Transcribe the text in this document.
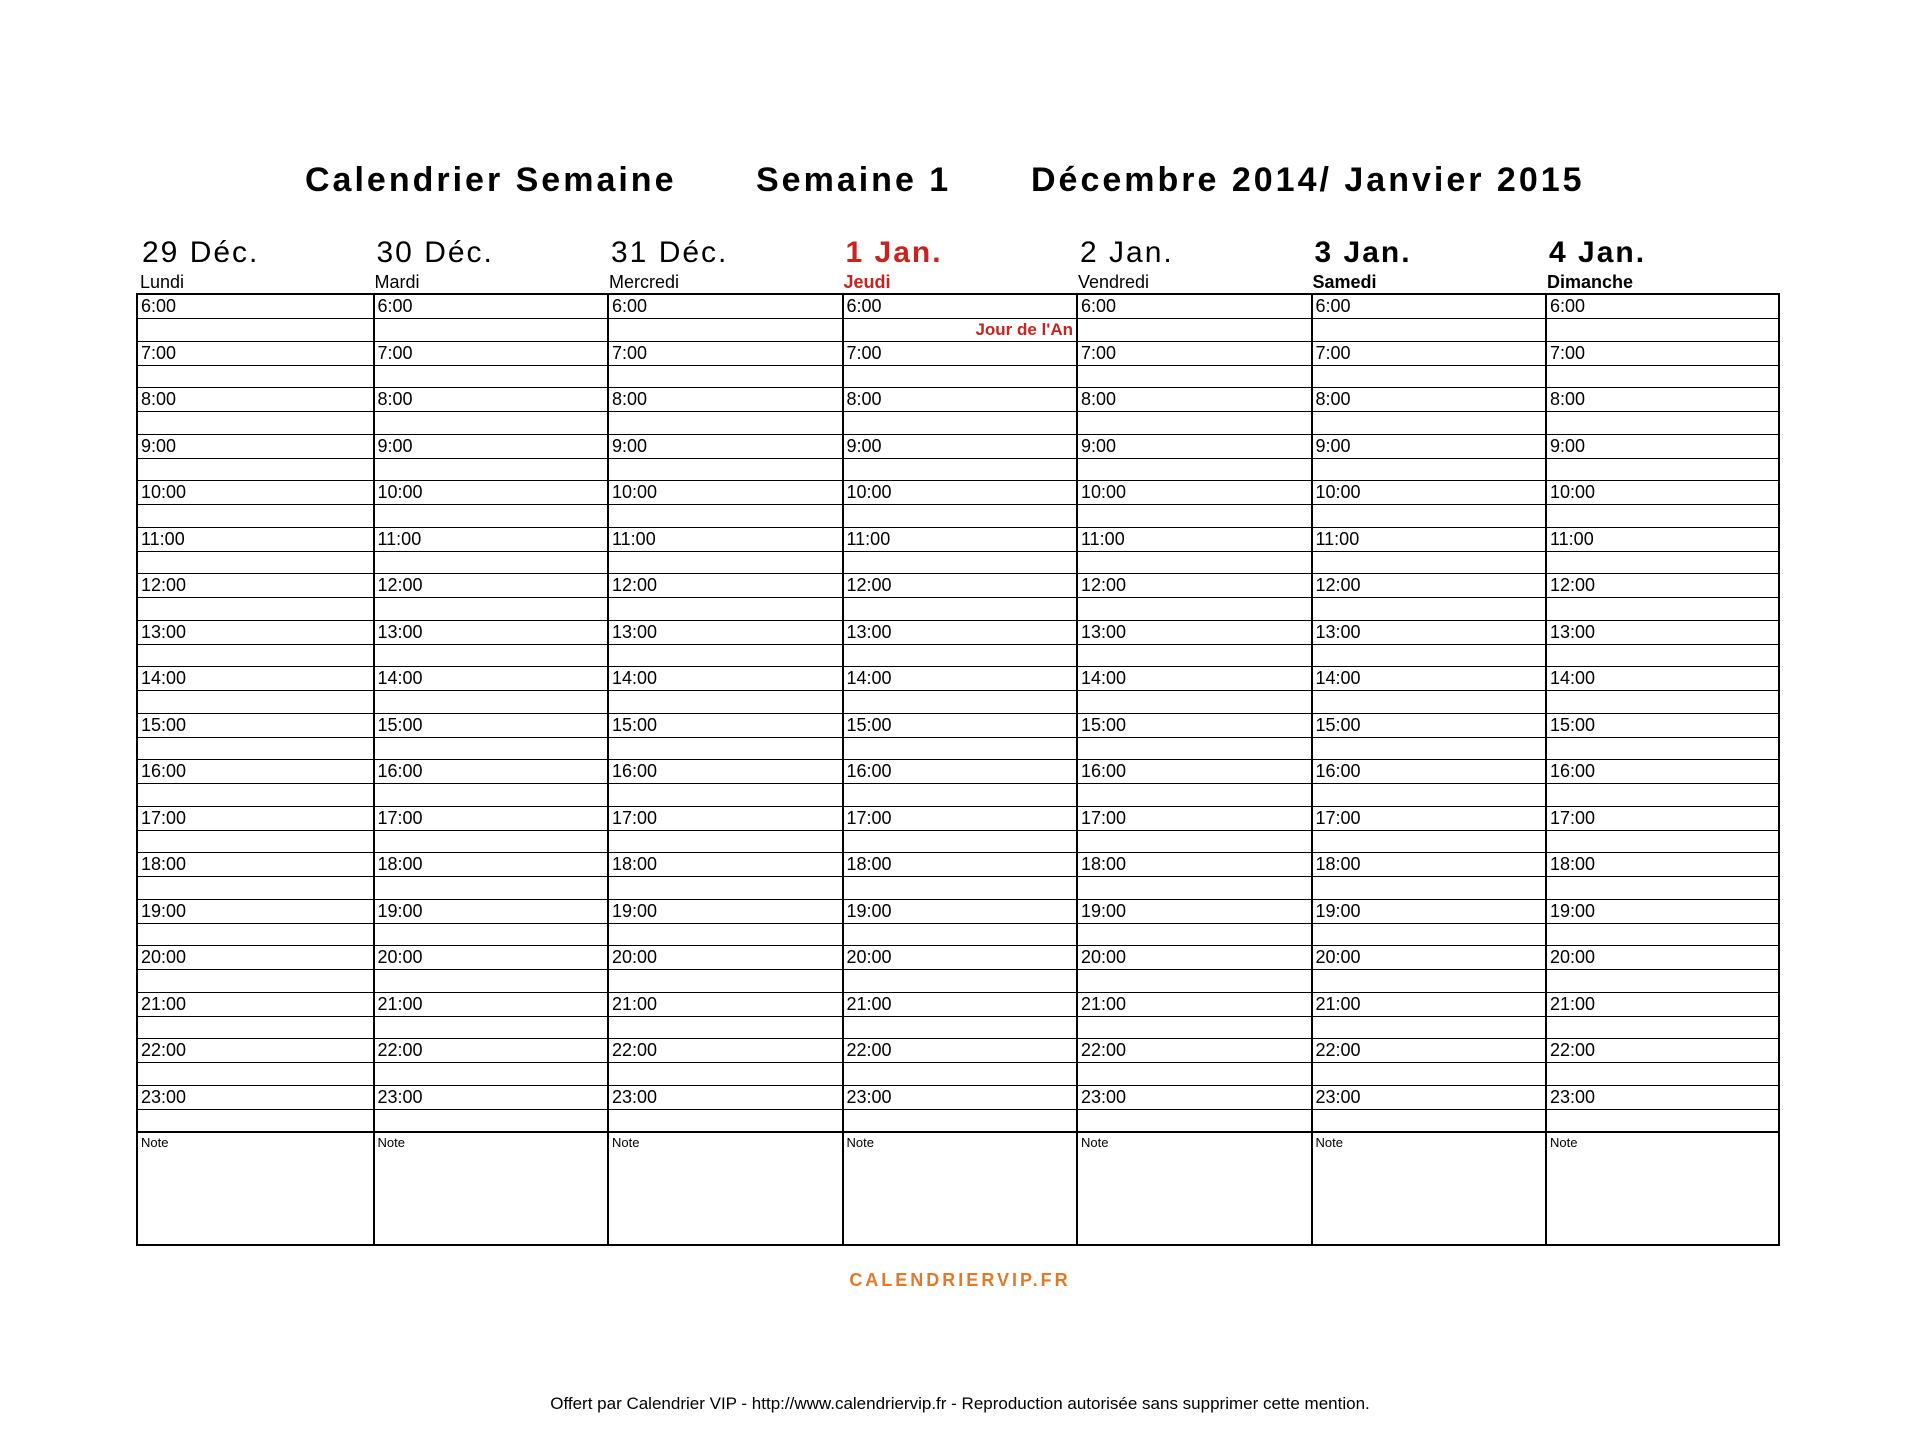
Calendrier Semaine Semaine 1 Décembre 2014/ Janvier 2015
29 Déc.
Lundi
30 Déc.
Mardi
31 Déc.
Mercredi
1 Jan.
Jeudi
2 Jan.
Vendredi
3 Jan.
Samedi
4 Jan.
Dimanche
6:00
7:00
8:00
9:00
10:00
11:00
12:00
13:00
14:00
15:00
16:00
17:00
18:00
19:00
20:00
21:00
22:00
23:00
Note
6:00
7:00
8:00
9:00
10:00
11:00
12:00
13:00
14:00
15:00
16:00
17:00
18:00
19:00
20:00
21:00
22:00
23:00
Note
6:00
7:00
8:00
9:00
10:00
11:00
12:00
13:00
14:00
15:00
16:00
17:00
18:00
19:00
20:00
21:00
22:00
23:00
Note
6:00
Jour de l'An
7:00
8:00
9:00
10:00
11:00
12:00
13:00
14:00
15:00
16:00
17:00
18:00
19:00
20:00
21:00
22:00
23:00
Note
6:00
7:00
8:00
9:00
10:00
11:00
12:00
13:00
14:00
15:00
16:00
17:00
18:00
19:00
20:00
21:00
22:00
23:00
Note
6:00
7:00
8:00
9:00
10:00
11:00
12:00
13:00
14:00
15:00
16:00
17:00
18:00
19:00
20:00
21:00
22:00
23:00
Note
6:00
7:00
8:00
9:00
10:00
11:00
12:00
13:00
14:00
15:00
16:00
17:00
18:00
19:00
20:00
21:00
22:00
23:00
Note
CALENDRIERVIP.FR
Offert par Calendrier VIP - http://www.calendriervip.fr - Reproduction autorisée sans supprimer cette mention.
